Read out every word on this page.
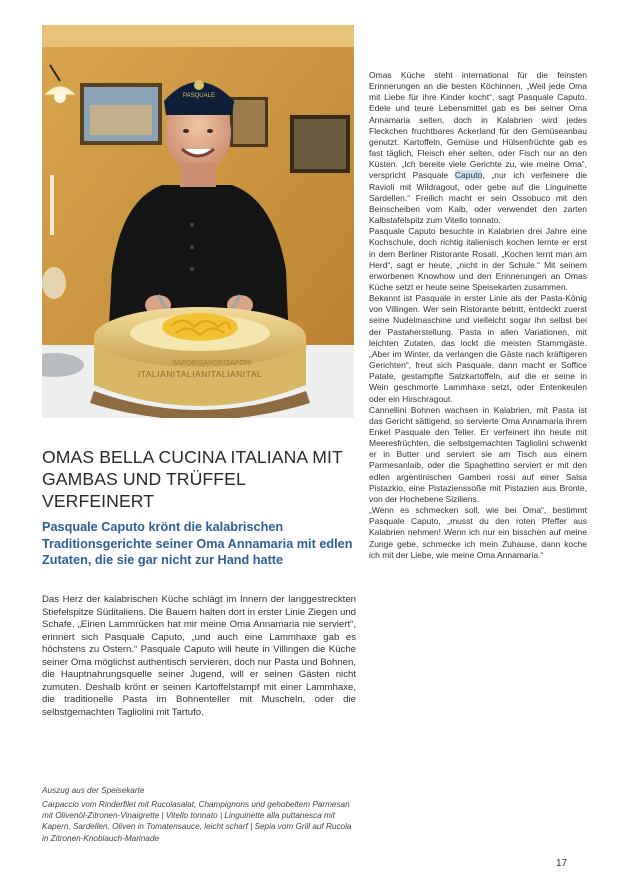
PASQUALE
ITALIANITALIANITALIANITAL
SAPORISAPORISAPORI
OMAS BELLA CUCINA ITALIANA MIT GAMBAS UND TRÜFFEL VERFEINERT
Pasquale Caputo krönt die kalabrischen Traditionsgerichte seiner Oma Annamaria mit edlen Zutaten, die sie gar nicht zur Hand hatte

Das Herz der kalabrischen Küche schlägt im Innern der langgestreckten Stiefelspitze Süditaliens. Die Bauern halten dort in erster Linie Ziegen und Schafe. „Einen Lammrücken hat mir meine Oma Annamaria nie serviert“, erinnert sich Pasquale Caputo, „und auch eine Lammhaxe gab es höchstens zu Ostern.“ Pasquale Caputo will heute in Villingen die Küche seiner Oma möglichst authentisch servieren, doch nur Pasta und Bohnen, die Hauptnahrungsquelle seiner Jugend, will er seinen Gästen nicht zumuten. Deshalb krönt er seinen Kartoffelstampf mit einer Lammhaxe, die traditionelle Pasta im Bohnenteller mit Muscheln, oder die selbstgemachten Tagliolini mit Tartufo.

Auszug aus der Speisekarte

Carpaccio vom Rinderfilet mit Rucolasalat, Champignons und gehobeltem Parmesan mit Olivenöl-Zitronen-Vinaigrette | Vitello tonnato | Linguinette alla puttanesca mit Kapern, Sardellen, Oliven in Tomatensauce, leicht scharf | Sepia vom Grill auf Rucola in Zitronen-Knoblauch-Marinade

Omas Küche steht international für die feinsten Erinnerungen an die besten Köchinnen. „Weil jede Oma mit Liebe für ihre Kinder kocht“, sagt Pasquale Caputo. Edele und teure Lebensmittel gab es bei seiner Oma Annamaria selten, doch in Kalabrien wird jedes Fleckchen fruchtbares Ackerland für den Gemüseanbau genutzt. Kartoffeln, Gemüse und Hülsenfrüchte gab es fast täglich, Fleisch eher selten, oder Fisch nur an den Küsten. „Ich bereite viele Gerichte zu, wie meine Oma“, verspricht Pasquale Caputo, „nur ich verfeinere die Ravioli mit Wildragout, oder gebe auf die Linguinette Sardellen.“ Freilich macht er sein Ossobuco mit den Beinscheiben vom Kalb, oder verwendet den zarten Kalbstafelspitz zum Vitello tonnato.

Pasquale Caputo besuchte in Kalabrien drei Jahre eine Kochschule, doch richtig italienisch kochen lernte er erst in dem Berliner Ristorante Rosati. „Kochen lernt man am Herd“, sagt er heute, „nicht in der Schule.“ Mit seinem erworbenen Knowhow und den Erinnerungen an Omas Küche setzt er heute seine Speisekarten zusammen.

Bekannt ist Pasquale in erster Linie als der Pasta-König von Villingen. Wer sein Ristorante betritt, entdeckt zuerst seine Nudelmaschine und vielleicht sogar ihn selbst bei der Pastaherstellung. Pasta in allen Variationen, mit leichten Zutaten, das lockt die meisten Stammgäste. „Aber im Winter, da verlangen die Gäste nach kräftigeren Gerichten“, freut sich Pasquale, dann macht er Soffice Patate, gestampfte Salzkartoffeln, auf die er seine in Wein geschmorte Lammhaxe setzt, oder Entenkeulen oder ein Hirschragout.

Cannellini Bohnen wachsen in Kalabrien, mit Pasta ist das Gericht sättigend, so servierte Oma Annamaria ihrem Enkel Pasquale den Teller. Er verfeinert ihn heute mit Meeresfrüchten, die selbstgemachten Tagliolini schwenkt er in Butter und serviert sie am Tisch aus einem Parmesanlaib, oder die Spaghettino serviert er mit den edlen argentinischen Gamberi rossi auf einer Salsa Pistazkio, eine Pistazienssoße mit Pistazien aus Bronte, von der Hochebene Siziliens.

„Wenn es schmecken soll, wie bei Oma“, bestimmt Pasquale Caputo, „musst du den roten Pfeffer aus Kalabrien nehmen! Wenn ich nur ein bisschen auf meine Zunge gebe, schmecke ich mein Zuhause, dann koche ich mit der Liebe, wie meine Oma Annamaria.“

17
